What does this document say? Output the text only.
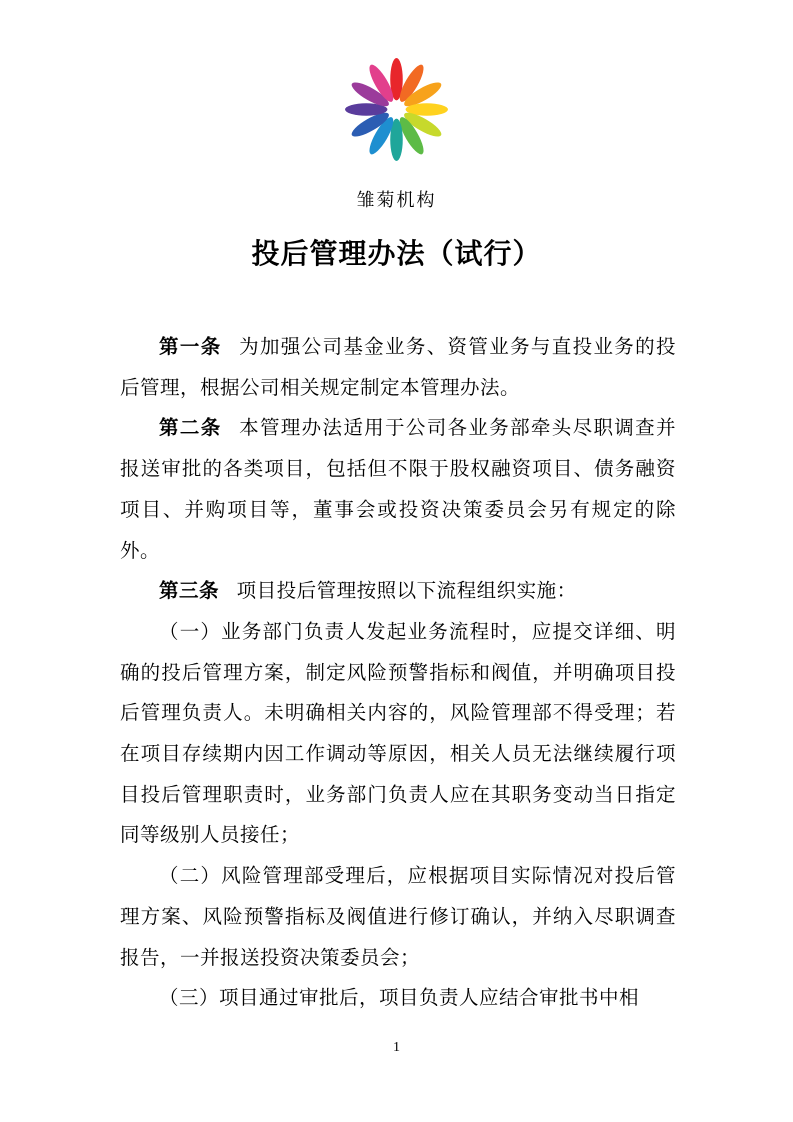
雏菊机构
投后管理办法（试行）

第一条 为加强公司基金业务、资管业务与直投业务的投后管理，根据公司相关规定制定本管理办法。

第二条 本管理办法适用于公司各业务部牵头尽职调查并报送审批的各类项目，包括但不限于股权融资项目、债务融资项目、并购项目等，董事会或投资决策委员会另有规定的除外。

第三条 项目投后管理按照以下流程组织实施：

（一）业务部门负责人发起业务流程时，应提交详细、明确的投后管理方案，制定风险预警指标和阀值，并明确项目投后管理负责人。未明确相关内容的，风险管理部不得受理；若在项目存续期内因工作调动等原因，相关人员无法继续履行项目投后管理职责时，业务部门负责人应在其职务变动当日指定同等级别人员接任；

（二）风险管理部受理后，应根据项目实际情况对投后管理方案、风险预警指标及阀值进行修订确认，并纳入尽职调查报告，一并报送投资决策委员会；

（三）项目通过审批后，项目负责人应结合审批书中相

1
